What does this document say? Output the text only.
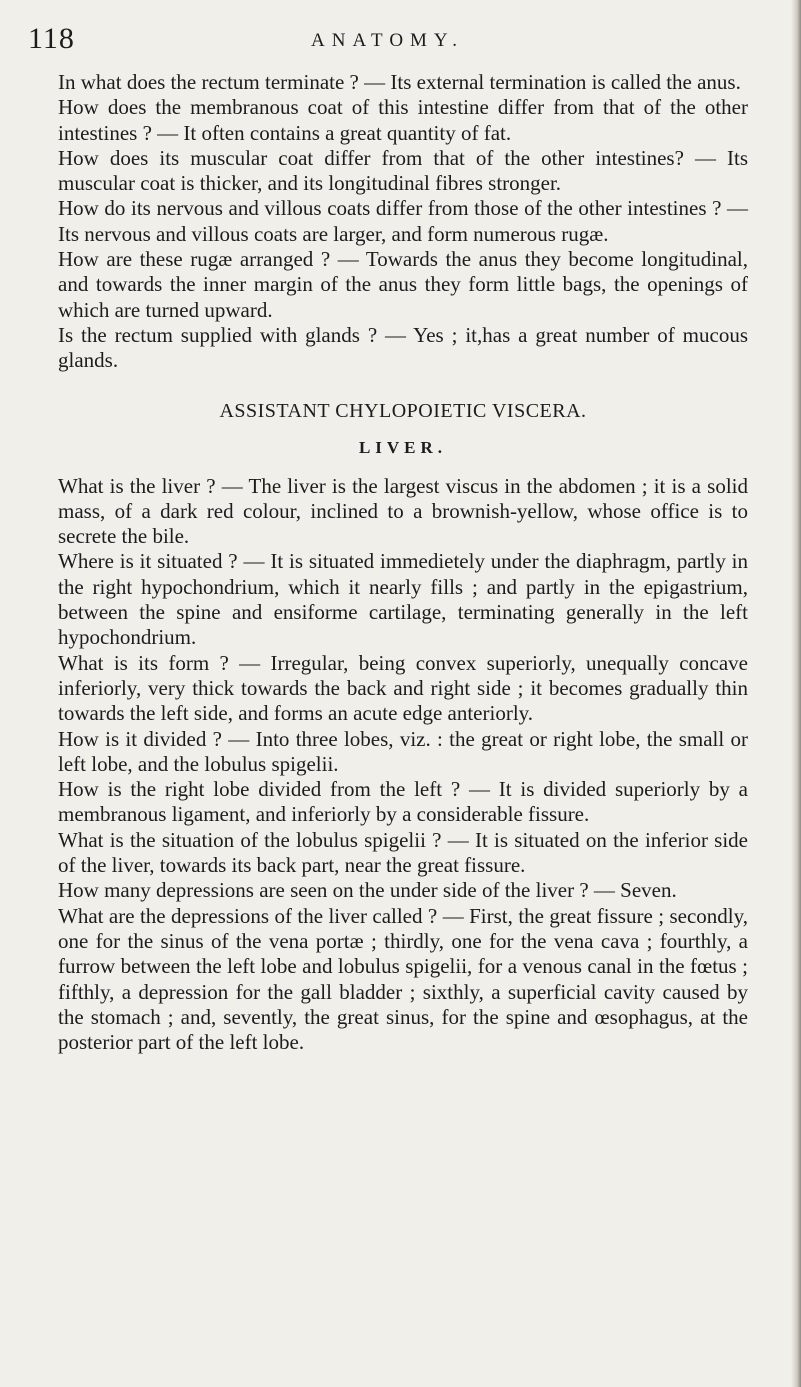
118	ANATOMY.

In what does the rectum terminate ? — Its external termination is called the anus.

How does the membranous coat of this intestine differ from that of the other intestines ? — It often contains a great quantity of fat.

How does its muscular coat differ from that of the other intestines? — Its muscular coat is thicker, and its longitudinal fibres stronger.

How do its nervous and villous coats differ from those of the other intestines ? — Its nervous and villous coats are larger, and form numerous rugæ.

How are these rugæ arranged ? — Towards the anus they become longitudinal, and towards the inner margin of the anus they form little bags, the openings of which are turned upward.

Is the rectum supplied with glands ? — Yes ; it,has a great number of mucous glands.

ASSISTANT CHYLOPOIETIC VISCERA.
LIVER.

What is the liver ? — The liver is the largest viscus in the abdomen ; it is a solid mass, of a dark red colour, inclined to a brownish-yellow, whose office is to secrete the bile.

Where is it situated ? — It is situated immedietely under the diaphragm, partly in the right hypochondrium, which it nearly fills ; and partly in the epigastrium, between the spine and ensiforme cartilage, terminating generally in the left hypochondrium.

What is its form ? — Irregular, being convex superiorly, unequally concave inferiorly, very thick towards the back and right side ; it becomes gradually thin towards the left side, and forms an acute edge anteriorly.

How is it divided ? — Into three lobes, viz. : the great or right lobe, the small or left lobe, and the lobulus spigelii.

How is the right lobe divided from the left ? — It is divided superiorly by a membranous ligament, and inferiorly by a considerable fissure.

What is the situation of the lobulus spigelii ? — It is situated on the inferior side of the liver, towards its back part, near the great fissure.

How many depressions are seen on the under side of the liver ? — Seven.

What are the depressions of the liver called ? — First, the great fissure ; secondly, one for the sinus of the vena portæ ; thirdly, one for the vena cava ; fourthly, a furrow between the left lobe and lobulus spigelii, for a venous canal in the fœtus ; fifthly, a depression for the gall bladder ; sixthly, a superficial cavity caused by the stomach ; and, sevently, the great sinus, for the spine and œsophagus, at the posterior part of the left lobe.
